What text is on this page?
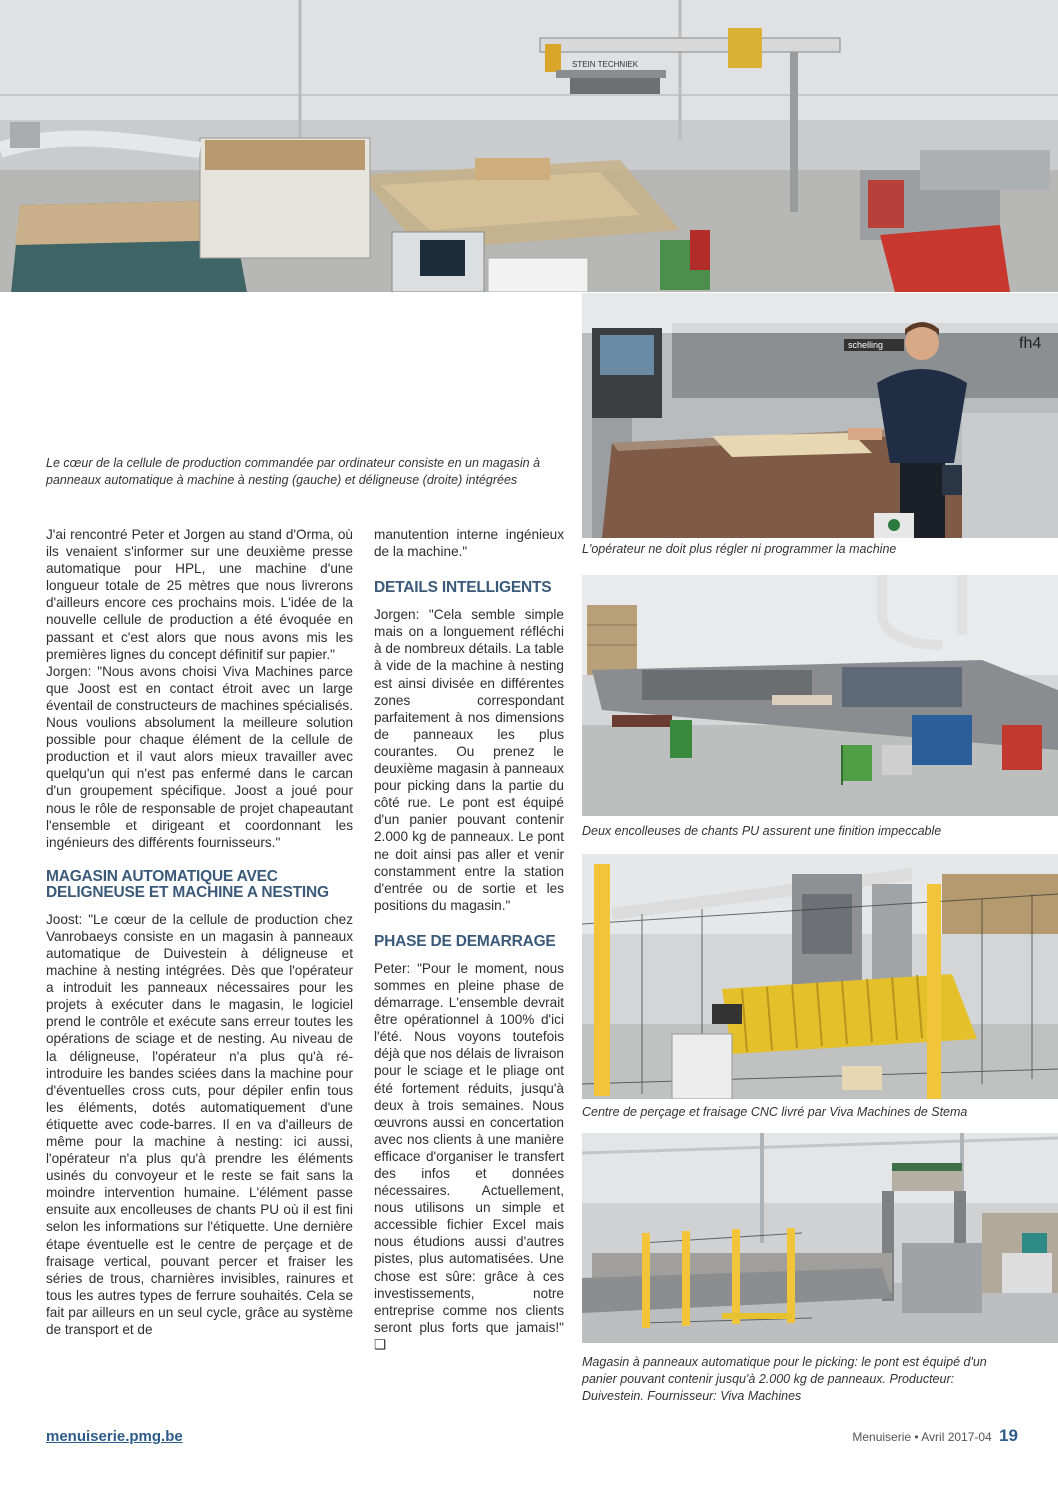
STEIN TECHNIEK
schelling	fh4
Le cœur de la cellule de production commandée par ordinateur consiste en un magasin à panneaux automatique à machine à nesting (gauche) et déligneuse (droite) intégrées
L'opérateur ne doit plus régler ni programmer la machine
Deux encolleuses de chants PU assurent une finition impeccable
Centre de perçage et fraisage CNC livré par Viva Machines de Stema
Magasin à panneaux automatique pour le picking: le pont est équipé d'un panier pouvant contenir jusqu'à 2.000 kg de panneaux. Producteur: Duivestein. Fournisseur: Viva Machines

J'ai rencontré Peter et Jorgen au stand d'Orma, où ils venaient s'informer sur une deuxième presse automatique pour HPL, une machine d'une longueur totale de 25 mètres que nous livrerons d'ailleurs encore ces prochains mois. L'idée de la nouvelle cellule de production a été évoquée en passant et c'est alors que nous avons mis les premières lignes du concept définitif sur papier."

Jorgen: "Nous avons choisi Viva Machines parce que Joost est en contact étroit avec un large éventail de constructeurs de machines spécialisés. Nous voulions absolument la meilleure solution possible pour chaque élément de la cellule de production et il vaut alors mieux travailler avec quelqu'un qui n'est pas enfermé dans le carcan d'un groupement spécifique. Joost a joué pour nous le rôle de responsable de projet chapeautant l'ensemble et dirigeant et coordonnant les ingénieurs des différents fournisseurs."

MAGASIN AUTOMATIQUE AVEC DELIGNEUSE ET MACHINE A NESTING

Joost: "Le cœur de la cellule de production chez Vanrobaeys consiste en un magasin à panneaux automatique de Duivestein à déligneuse et machine à nesting intégrées. Dès que l'opérateur a introduit les panneaux nécessaires pour les projets à exécuter dans le magasin, le logiciel prend le contrôle et exécute sans erreur toutes les opérations de sciage et de nesting. Au niveau de la déligneuse, l'opérateur n'a plus qu'à ré-introduire les bandes sciées dans la machine pour d'éventuelles cross cuts, pour dépiler enfin tous les éléments, dotés automatiquement d'une étiquette avec code-barres. Il en va d'ailleurs de même pour la machine à nesting: ici aussi, l'opérateur n'a plus qu'à prendre les éléments usinés du convoyeur et le reste se fait sans la moindre intervention humaine. L'élément passe ensuite aux encolleuses de chants PU où il est fini selon les informations sur l'étiquette. Une dernière étape éventuelle est le centre de perçage et de fraisage vertical, pouvant percer et fraiser les séries de trous, charnières invisibles, rainures et tous les autres types de ferrure souhaités. Cela se fait par ailleurs en un seul cycle, grâce au système de transport et de

manutention interne ingénieux de la machine."

DETAILS INTELLIGENTS

Jorgen: "Cela semble simple mais on a longuement réfléchi à de nombreux détails. La table à vide de la machine à nesting est ainsi divisée en différentes zones correspondant parfaitement à nos dimensions de panneaux les plus courantes. Ou prenez le deuxième magasin à panneaux pour picking dans la partie du côté rue. Le pont est équipé d'un panier pouvant contenir 2.000 kg de panneaux. Le pont ne doit ainsi pas aller et venir constamment entre la station d'entrée ou de sortie et les positions du magasin."

PHASE DE DEMARRAGE

Peter: "Pour le moment, nous sommes en pleine phase de démarrage. L'ensemble devrait être opérationnel à 100% d'ici l'été. Nous voyons toutefois déjà que nos délais de livraison pour le sciage et le pliage ont été fortement réduits, jusqu'à deux à trois semaines. Nous œuvrons aussi en concertation avec nos clients à une manière efficace d'organiser le transfert des infos et données nécessaires. Actuellement, nous utilisons un simple et accessible fichier Excel mais nous étudions aussi d'autres pistes, plus automatisées. Une chose est sûre: grâce à ces investissements, notre entreprise comme nos clients seront plus forts que jamais!" ❑

menuiserie.pmg.be	Menuiserie • Avril 2017-04 19
